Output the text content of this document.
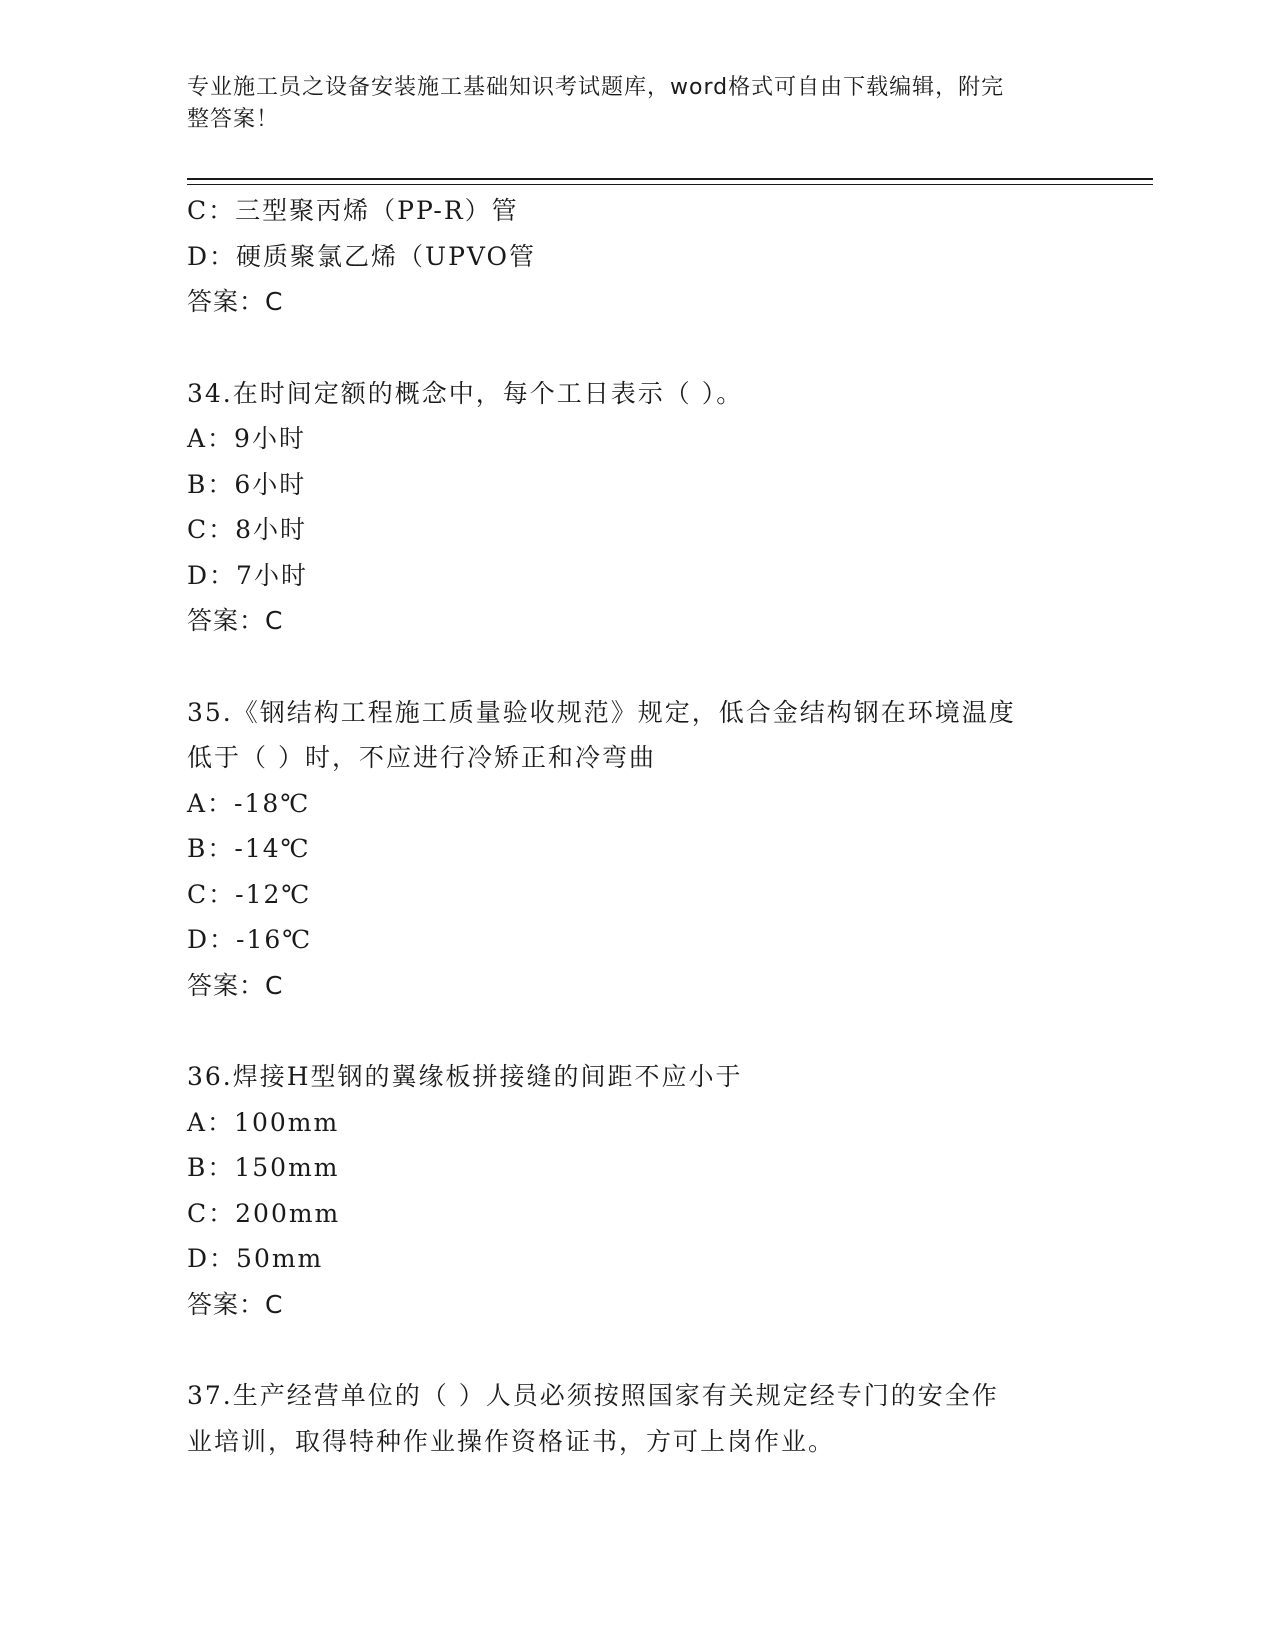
专业施工员之设备安装施工基础知识考试题库，word格式可自由下载编辑，附完
整答案！
C：三型聚丙烯（PP-R）管
D：硬质聚氯乙烯（UPVO管
答案：C
34.在时间定额的概念中，每个工日表示（ ）。
A：9小时
B：6小时
C：8小时
D：7小时
答案：C
35.《钢结构工程施工质量验收规范》规定，低合金结构钢在环境温度
低于（ ）时，不应进行冷矫正和冷弯曲
A：-18℃
B：-14℃
C：-12℃
D：-16℃
答案：C
36.焊接H型钢的翼缘板拼接缝的间距不应小于
A：100mm
B：150mm
C：200mm
D：50mm
答案：C
37.生产经营单位的（ ）人员必须按照国家有关规定经专门的安全作
业培训，取得特种作业操作资格证书，方可上岗作业。
